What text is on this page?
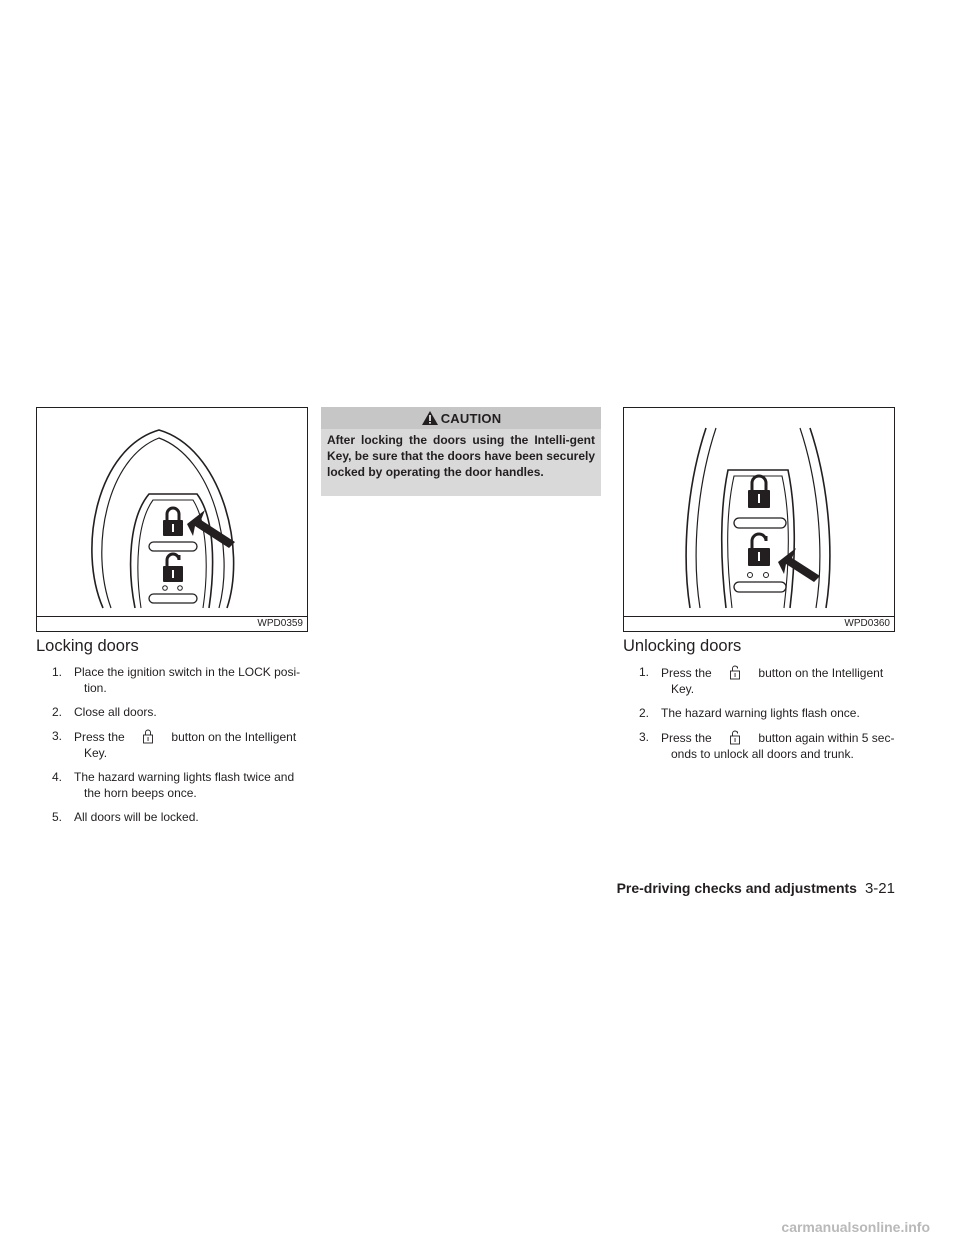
WPD0359
Locking doors
1. Place the ignition switch in the LOCK posi-
tion.
2. Close all doors.
3. Press the	button on the Intelligent
Key.
4. The hazard warning lights flash twice and
the horn beeps once.
5. All doors will be locked.
CAUTION
After locking the doors using the Intelli-gent Key, be sure that the doors have been securely locked by operating the door handles.
WPD0360
Unlocking doors
1. Press the	button on the Intelligent
Key.
2. The hazard warning lights flash once.
3. Press the	button again within 5 sec-
onds to unlock all doors and trunk.
Pre-driving checks and adjustments 3-21
carmanualsonline.info
